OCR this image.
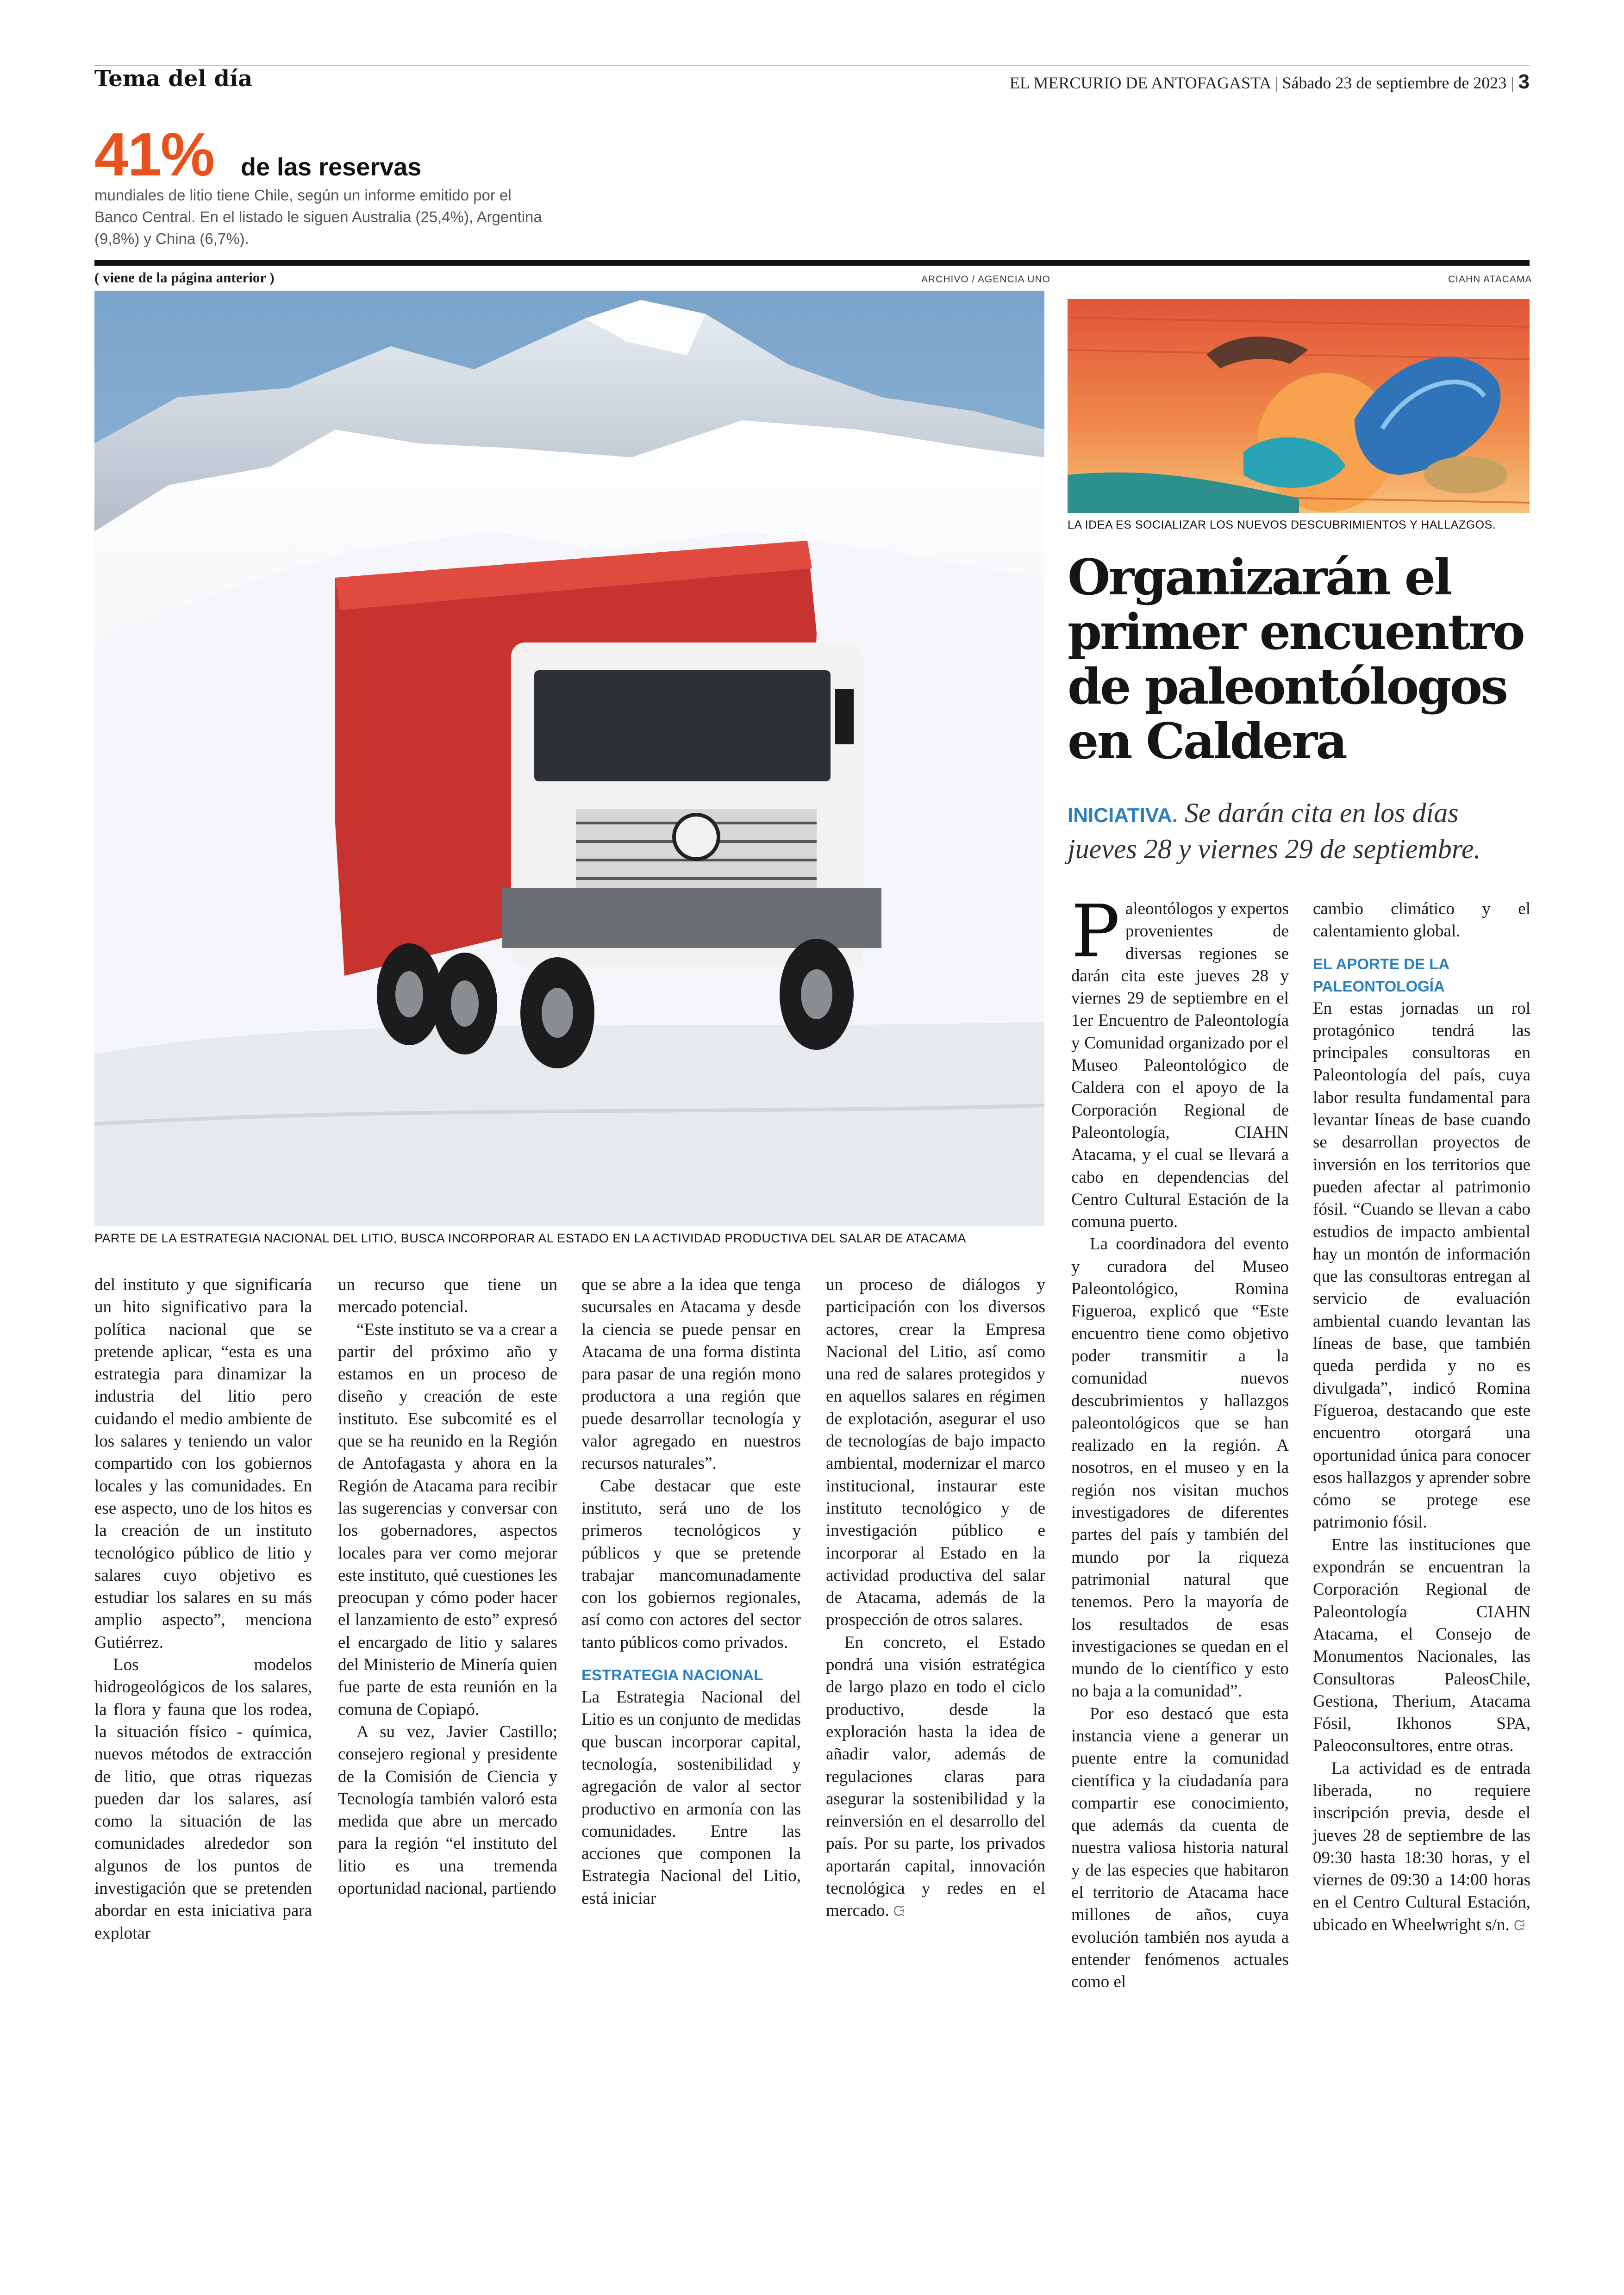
Tema del día	EL MERCURIO DE ANTOFAGASTA | Sábado 23 de septiembre de 2023 | 3
41% de las reservas
mundiales de litio tiene Chile, según un informe emitido por el Banco Central. En el listado le siguen Australia (25,4%), Argentina (9,8%) y China (6,7%).
( viene de la página anterior )	ARCHIVO / AGENCIA UNO	CIAHN ATACAMA
PARTE DE LA ESTRATEGIA NACIONAL DEL LITIO, BUSCA INCORPORAR AL ESTADO EN LA ACTIVIDAD PRODUCTIVA DEL SALAR DE ATACAMA
LA IDEA ES SOCIALIZAR LOS NUEVOS DESCUBRIMIENTOS Y HALLAZGOS.
Organizarán el primer encuentro de paleontólogos en Caldera
INICIATIVA. Se darán cita en los días jueves 28 y viernes 29 de septiembre.

del instituto y que significaría un hito significativo para la política nacional que se pretende aplicar, “esta es una estrategia para dinamizar la industria del litio pero cuidando el medio ambiente de los salares y teniendo un valor compartido con los gobiernos locales y las comunidades. En ese aspecto, uno de los hitos es la creación de un instituto tecnológico público de litio y salares cuyo objetivo es estudiar los salares en su más amplio aspecto”, menciona Gutiérrez.

Los modelos hidrogeológicos de los salares, la flora y fauna que los rodea, la situación físico - química, nuevos métodos de extracción de litio, que otras riquezas pueden dar los salares, así como la situación de las comunidades alrededor son algunos de los puntos de investigación que se pretenden abordar en esta iniciativa para explotar

un recurso que tiene un mercado potencial.

“Este instituto se va a crear a partir del próximo año y estamos en un proceso de diseño y creación de este instituto. Ese subcomité es el que se ha reunido en la Región de Antofagasta y ahora en la Región de Atacama para recibir las sugerencias y conversar con los gobernadores, aspectos locales para ver como mejorar este instituto, qué cuestiones les preocupan y cómo poder hacer el lanzamiento de esto” expresó el encargado de litio y salares del Ministerio de Minería quien fue parte de esta reunión en la comuna de Copiapó.

A su vez, Javier Castillo; consejero regional y presidente de la Comisión de Ciencia y Tecnología también valoró esta medida que abre un mercado para la región “el instituto del litio es una tremenda oportunidad nacional, partiendo

que se abre a la idea que tenga sucursales en Atacama y desde la ciencia se puede pensar en Atacama de una forma distinta para pasar de una región mono productora a una región que puede desarrollar tecnología y valor agregado en nuestros recursos naturales”.

Cabe destacar que este instituto, será uno de los primeros tecnológicos y públicos y que se pretende trabajar mancomunadamente con los gobiernos regionales, así como con actores del sector tanto públicos como privados.

ESTRATEGIA NACIONAL

La Estrategia Nacional del Litio es un conjunto de medidas que buscan incorporar capital, tecnología, sostenibilidad y agregación de valor al sector productivo en armonía con las comunidades. Entre las acciones que componen la Estrategia Nacional del Litio, está iniciar

un proceso de diálogos y participación con los diversos actores, crear la Empresa Nacional del Litio, así como una red de salares protegidos y en aquellos salares en régimen de explotación, asegurar el uso de tecnologías de bajo impacto ambiental, modernizar el marco institucional, instaurar este instituto tecnológico y de investigación público e incorporar al Estado en la actividad productiva del salar de Atacama, además de la prospección de otros salares.

En concreto, el Estado pondrá una visión estratégica de largo plazo en todo el ciclo productivo, desde la exploración hasta la idea de añadir valor, además de regulaciones claras para asegurar la sostenibilidad y la reinversión en el desarrollo del país. Por su parte, los privados aportarán capital, innovación tecnológica y redes en el mercado. ᙍ

Paleontólogos y expertos provenientes de diversas regiones se darán cita este jueves 28 y viernes 29 de septiembre en el 1er Encuentro de Paleontología y Comunidad organizado por el Museo Paleontológico de Caldera con el apoyo de la Corporación Regional de Paleontología, CIAHN Atacama, y el cual se llevará a cabo en dependencias del Centro Cultural Estación de la comuna puerto.

La coordinadora del evento y curadora del Museo Paleontológico, Romina Figueroa, explicó que “Este encuentro tiene como objetivo poder transmitir a la comunidad nuevos descubrimientos y hallazgos paleontológicos que se han realizado en la región. A nosotros, en el museo y en la región nos visitan muchos investigadores de diferentes partes del país y también del mundo por la riqueza patrimonial natural que tenemos. Pero la mayoría de los resultados de esas investigaciones se quedan en el mundo de lo científico y esto no baja a la comunidad”.

Por eso destacó que esta instancia viene a generar un puente entre la comunidad científica y la ciudadanía para compartir ese conocimiento, que además da cuenta de nuestra valiosa historia natural y de las especies que habitaron el territorio de Atacama hace millones de años, cuya evolución también nos ayuda a entender fenómenos actuales como el

cambio climático y el calentamiento global.

EL APORTE DE LA PALEONTOLOGÍA

En estas jornadas un rol protagónico tendrá las principales consultoras en Paleontología del país, cuya labor resulta fundamental para levantar líneas de base cuando se desarrollan proyectos de inversión en los territorios que pueden afectar al patrimonio fósil. “Cuando se llevan a cabo estudios de impacto ambiental hay un montón de información que las consultoras entregan al servicio de evaluación ambiental cuando levantan las líneas de base, que también queda perdida y no es divulgada”, indicó Romina Fígueroa, destacando que este encuentro otorgará una oportunidad única para conocer esos hallazgos y aprender sobre cómo se protege ese patrimonio fósil.

Entre las instituciones que expondrán se encuentran la Corporación Regional de Paleontología CIAHN Atacama, el Consejo de Monumentos Nacionales, las Consultoras PaleosChile, Gestiona, Therium, Atacama Fósil, Ikhonos SPA, Paleoconsultores, entre otras.

La actividad es de entrada liberada, no requiere inscripción previa, desde el jueves 28 de septiembre de las 09:30 hasta 18:30 horas, y el viernes de 09:30 a 14:00 horas en el Centro Cultural Estación, ubicado en Wheelwright s/n. ᙍ
